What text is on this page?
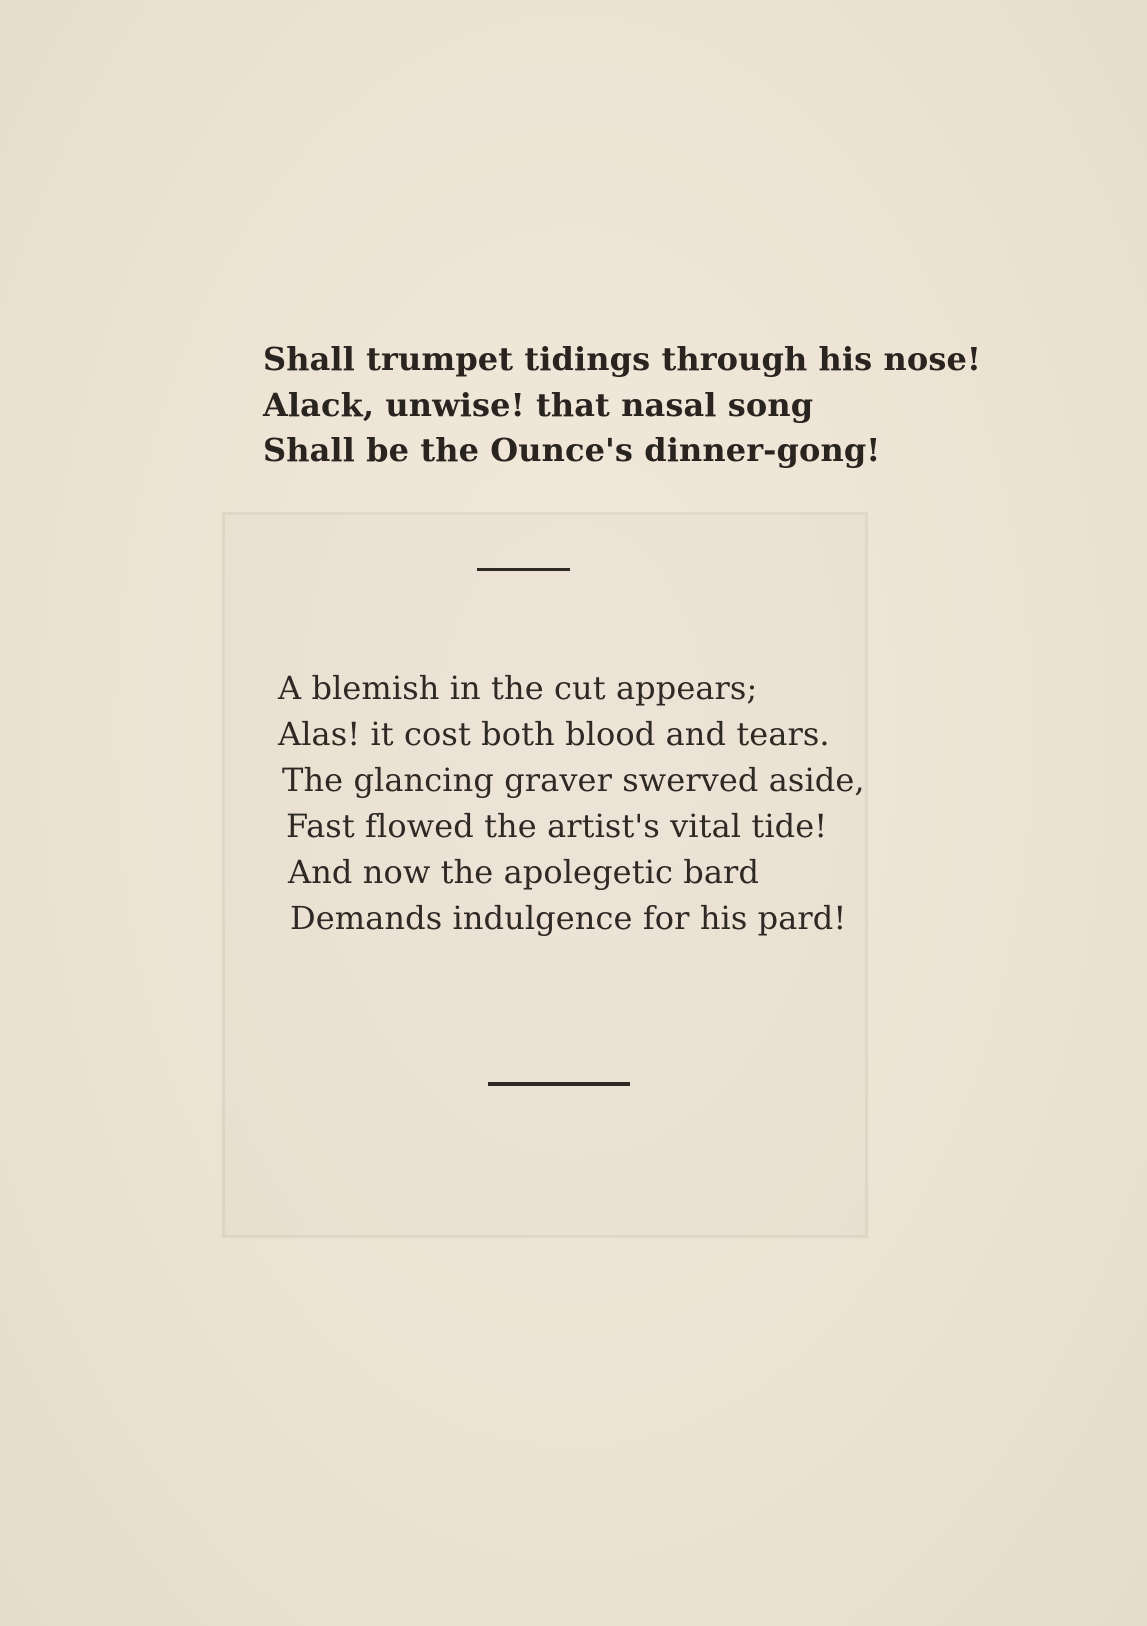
Shall trumpet tidings through his nose!
Alack, unwise! that nasal song
Shall be the Ounce's dinner-gong!
A blemish in the cut appears;
Alas! it cost both blood and tears.
The glancing graver swerved aside,
Fast flowed the artist's vital tide!
And now the apolegetic bard
Demands indulgence for his pard!
